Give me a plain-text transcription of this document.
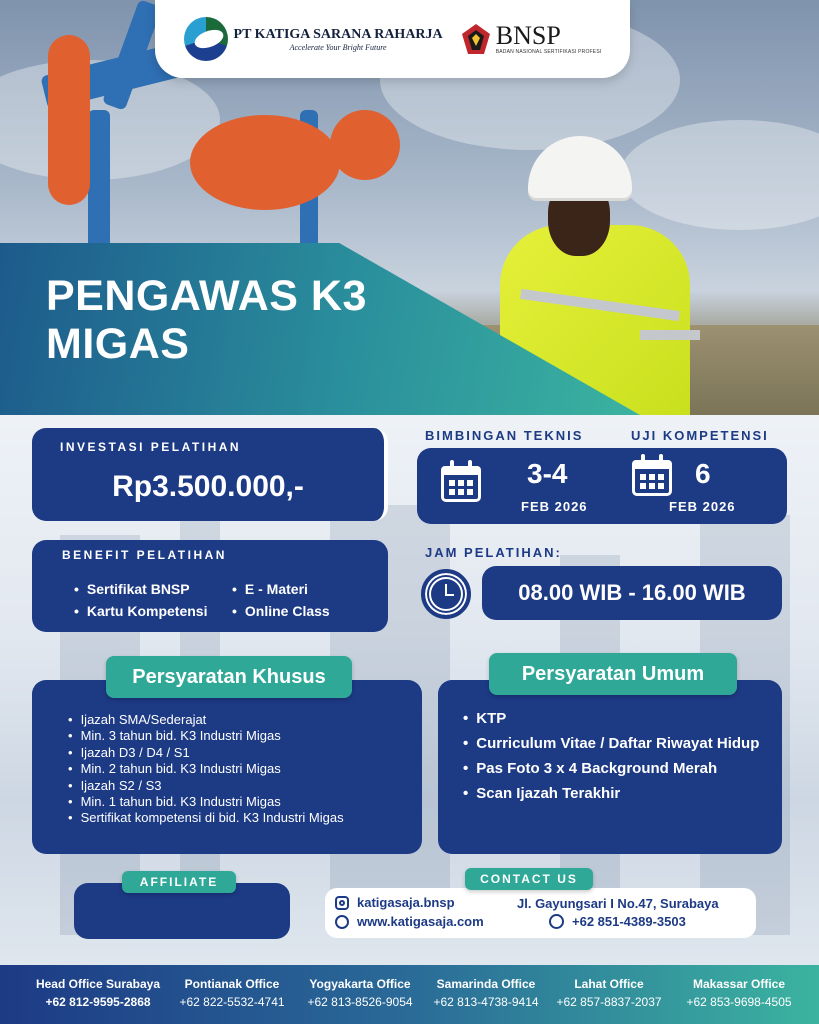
PT KATIGA SARANA RAHARJA
Accelerate Your Bright Future	BNSP
BADAN NASIONAL SERTIFIKASI PROFESI
PENGAWAS K3
MIGAS
INVESTASI PELATIHAN
Rp3.500.000,-
BIMBINGAN TEKNIS	UJI KOMPETENSI
3-4
FEB 2026
6
FEB 2026
BENEFIT PELATIHAN
• Sertifikat BNSP
• Kartu Kompetensi
• E - Materi
• Online Class
JAM PELATIHAN:
08.00 WIB - 16.00 WIB
• Ijazah SMA/Sederajat
• Min. 3 tahun bid. K3 Industri Migas
• Ijazah D3 / D4 / S1
• Min. 2 tahun bid. K3 Industri Migas
• Ijazah S2 / S3
• Min. 1 tahun bid. K3 Industri Migas
• Sertifikat kompetensi di bid. K3 Industri Migas
Persyaratan Khusus
• KTP
• Curriculum Vitae / Daftar Riwayat Hidup
• Pas Foto 3 x 4 Background Merah
• Scan Ijazah Terakhir
Persyaratan Umum
AFFILIATE
katigasaja.bnsp
www.katigasaja.com
Jl. Gayungsari I No.47, Surabaya
+62 851-4389-3503
CONTACT US
Head Office Surabaya
+62 812-9595-2868
Pontianak Office
+62 822-5532-4741
Yogyakarta Office
+62 813-8526-9054
Samarinda Office
+62 813-4738-9414
Lahat Office
+62 857-8837-2037
Makassar Office
+62 853-9698-4505
